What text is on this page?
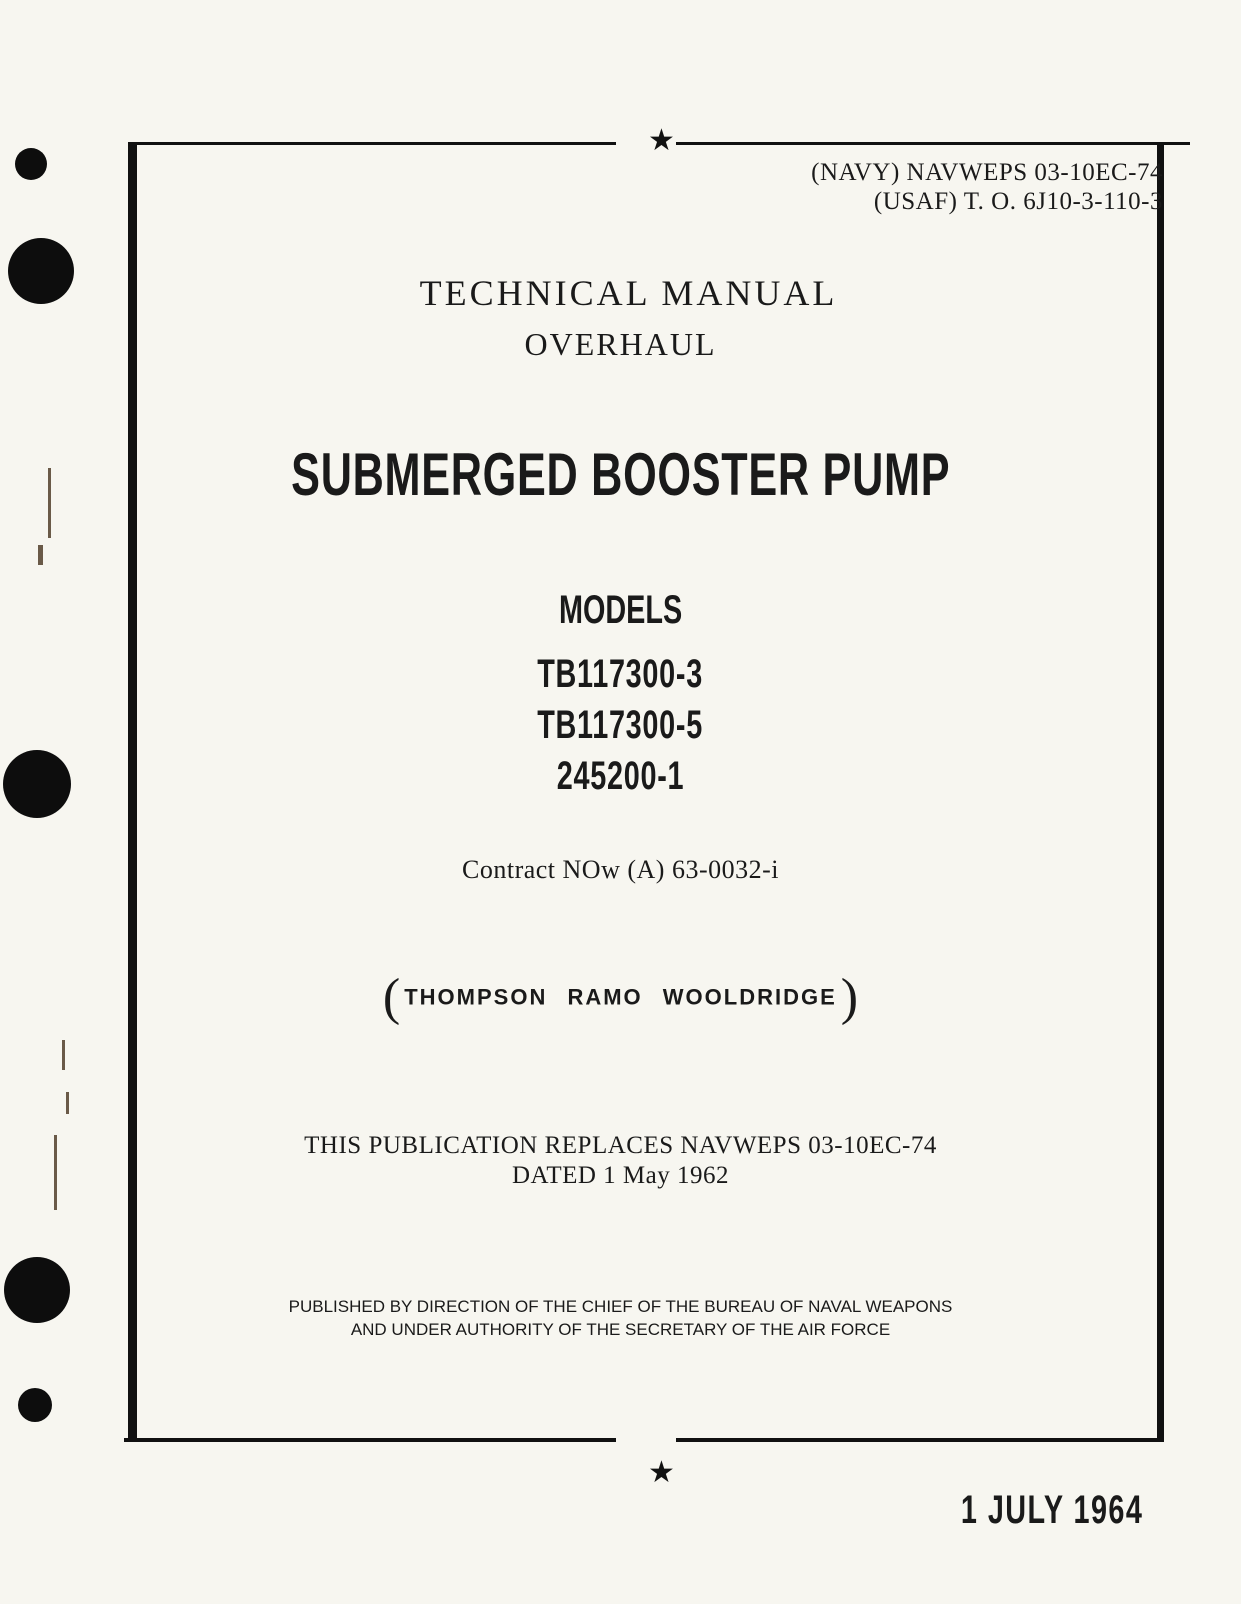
★
★
(NAVY) NAVWEPS 03-10EC-74
(USAF) T. O. 6J10-3-110-3
TECHNICAL MANUAL
OVERHAUL
SUBMERGED BOOSTER PUMP
MODELS
TB117300-3
TB117300-5
245200-1
Contract NOw (A) 63-0032-i
( THOMPSON RAMO WOOLDRIDGE )
THIS PUBLICATION REPLACES NAVWEPS 03-10EC-74
DATED 1 May 1962
PUBLISHED BY DIRECTION OF THE CHIEF OF THE BUREAU OF NAVAL WEAPONS
AND UNDER AUTHORITY OF THE SECRETARY OF THE AIR FORCE
1 JULY 1964
